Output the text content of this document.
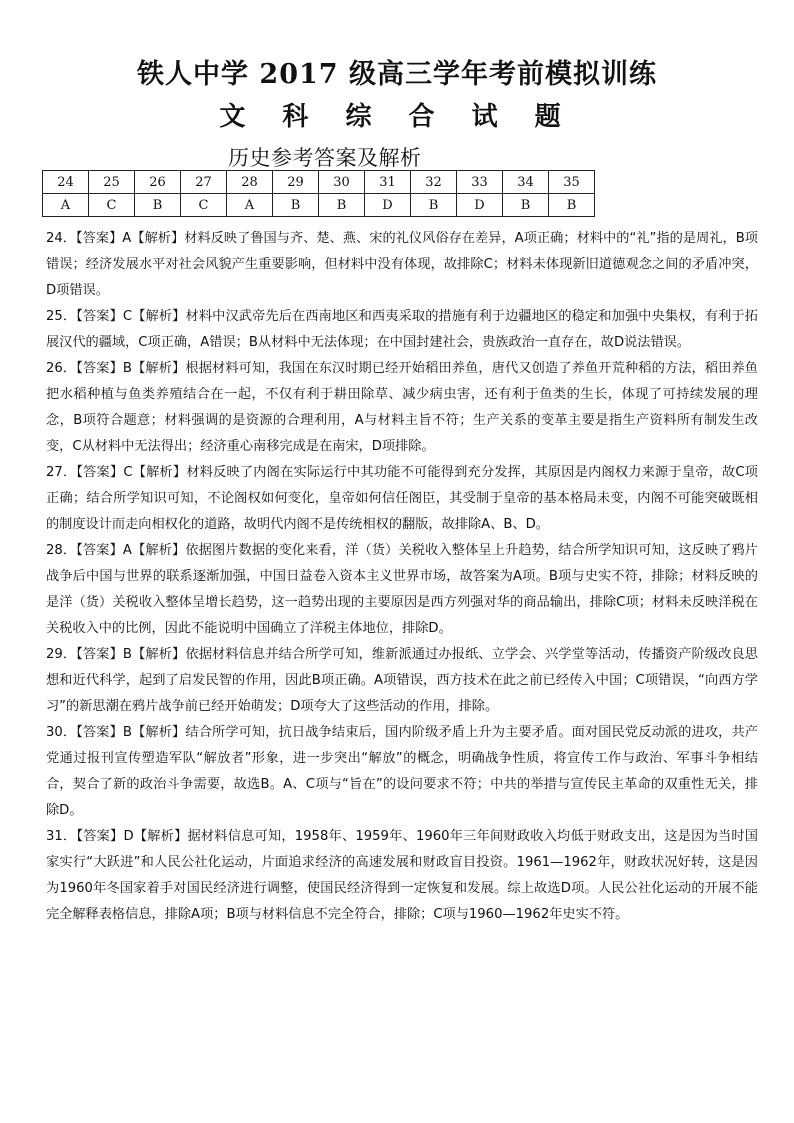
铁人中学 2017 级高三学年考前模拟训练
文 科 综 合 试 题
历史参考答案及解析
24	25	26	27	28	29	30	31	32	33	34	35
A	C	B	C	A	B	B	D	B	D	B	B
24．【答案】A【解析】材料反映了鲁国与齐、楚、燕、宋的礼仪风俗存在差异，A项正确；材料中的“礼”指的是周礼，B项错误；经济发展水平对社会风貌产生重要影响，但材料中没有体现，故排除C；材料未体现新旧道德观念之间的矛盾冲突，D项错误。
25．【答案】C【解析】材料中汉武帝先后在西南地区和西夷采取的措施有利于边疆地区的稳定和加强中央集权，有利于拓展汉代的疆域，C项正确，A错误；B从材料中无法体现；在中国封建社会，贵族政治一直存在，故D说法错误。
26．【答案】B【解析】根据材料可知，我国在东汉时期已经开始稻田养鱼，唐代又创造了养鱼开荒种稻的方法，稻田养鱼把水稻种植与鱼类养殖结合在一起，不仅有利于耕田除草、减少病虫害，还有利于鱼类的生长，体现了可持续发展的理念，B项符合题意；材料强调的是资源的合理利用，A与材料主旨不符；生产关系的变革主要是指生产资料所有制发生改变，C从材料中无法得出；经济重心南移完成是在南宋，D项排除。
27．【答案】C【解析】材料反映了内阁在实际运行中其功能不可能得到充分发挥，其原因是内阁权力来源于皇帝，故C项正确；结合所学知识可知，不论阁权如何变化，皇帝如何信任阁臣，其受制于皇帝的基本格局未变，内阁不可能突破既相的制度设计而走向相权化的道路，故明代内阁不是传统相权的翻版，故排除A、B、D。
28．【答案】A【解析】依据图片数据的变化来看，洋（货）关税收入整体呈上升趋势，结合所学知识可知，这反映了鸦片战争后中国与世界的联系逐渐加强，中国日益卷入资本主义世界市场，故答案为A项。B项与史实不符，排除；材料反映的是洋（货）关税收入整体呈增长趋势，这一趋势出现的主要原因是西方列强对华的商品输出，排除C项；材料未反映洋税在关税收入中的比例，因此不能说明中国确立了洋税主体地位，排除D。
29．【答案】B【解析】依据材料信息并结合所学可知，维新派通过办报纸、立学会、兴学堂等活动，传播资产阶级改良思想和近代科学，起到了启发民智的作用，因此B项正确。A项错误，西方技术在此之前已经传入中国；C项错误，“向西方学习”的新思潮在鸦片战争前已经开始萌发；D项夸大了这些活动的作用，排除。
30．【答案】B【解析】结合所学可知，抗日战争结束后，国内阶级矛盾上升为主要矛盾。面对国民党反动派的进攻，共产党通过报刊宣传塑造军队“解放者”形象，进一步突出“解放”的概念，明确战争性质，将宣传工作与政治、军事斗争相结合，契合了新的政治斗争需要，故选B。A、C项与“旨在”的设问要求不符；中共的举措与宣传民主革命的双重性无关，排除D。
31．【答案】D【解析】据材料信息可知，1958年、1959年、1960年三年间财政收入均低于财政支出，这是因为当时国家实行“大跃进”和人民公社化运动，片面追求经济的高速发展和财政盲目投资。1961—1962年，财政状况好转，这是因为1960年冬国家着手对国民经济进行调整，使国民经济得到一定恢复和发展。综上故选D项。人民公社化运动的开展不能完全解释表格信息，排除A项；B项与材料信息不完全符合，排除；C项与1960—1962年史实不符。
